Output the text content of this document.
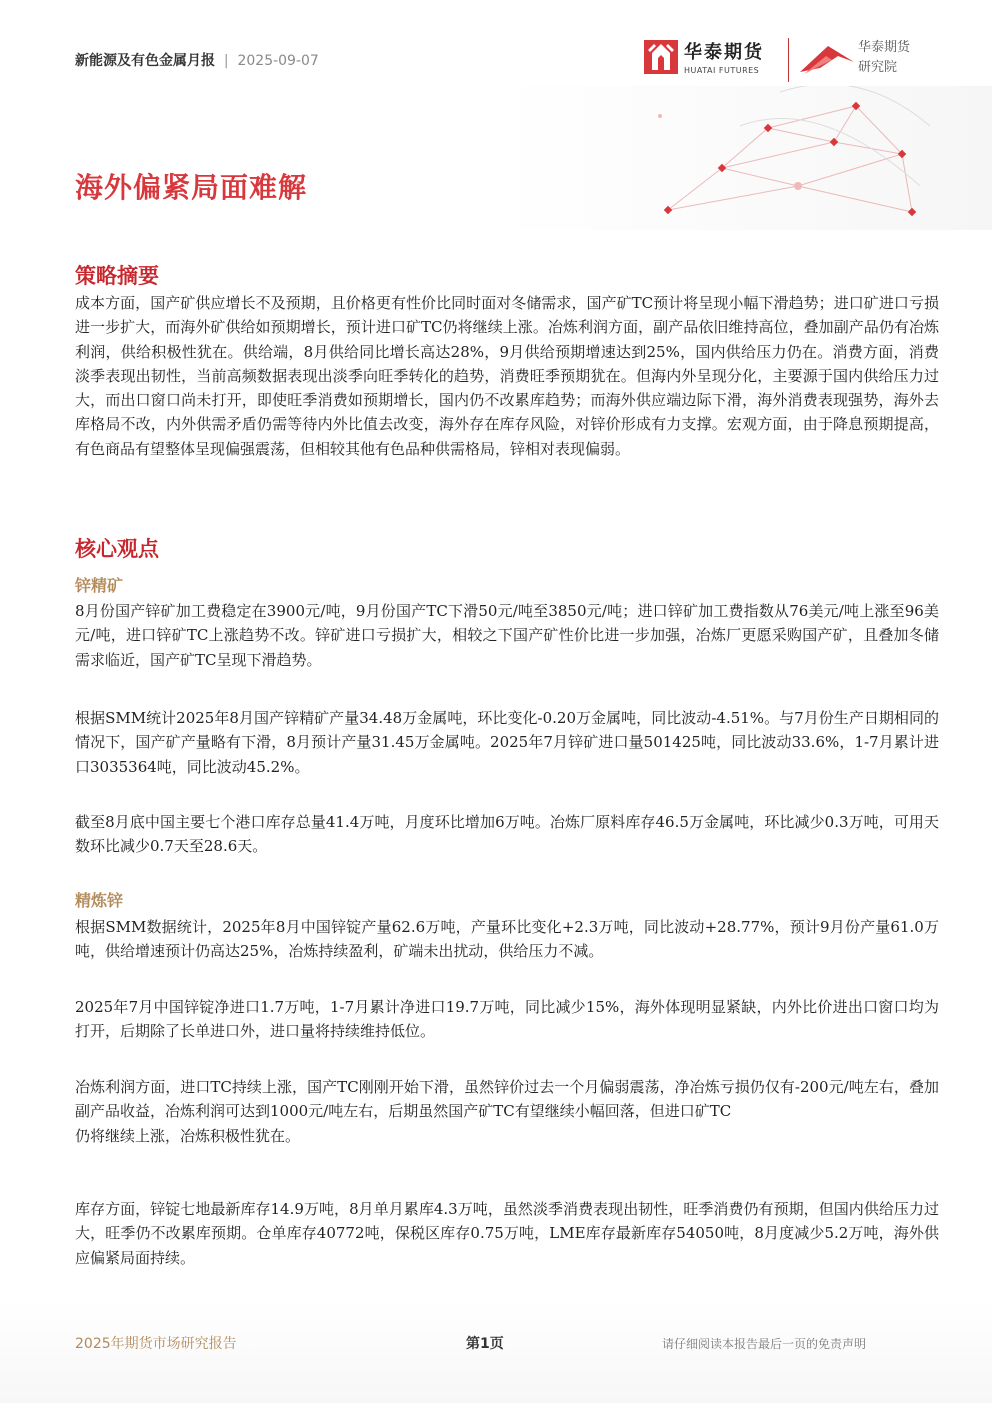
新能源及有色金属月报 | 2025-09-07	华泰期货
HUATAI FUTURES
华泰期货
研究院
海外偏紧局面难解
策略摘要

成本方面，国产矿供应增长不及预期，且价格更有性价比同时面对冬储需求，国产矿TC预计将呈现小幅下滑趋势；进口矿进口亏损进一步扩大，而海外矿供给如预期增长，预计进口矿TC仍将继续上涨。冶炼利润方面，副产品依旧维持高位，叠加副产品仍有冶炼利润，供给积极性犹在。供给端，8月供给同比增长高达28%，9月供给预期增速达到25%，国内供给压力仍在。消费方面，消费淡季表现出韧性，当前高频数据表现出淡季向旺季转化的趋势，消费旺季预期犹在。但海内外呈现分化，主要源于国内供给压力过大，而出口窗口尚未打开，即使旺季消费如预期增长，国内仍不改累库趋势；而海外供应端边际下滑，海外消费表现强势，海外去库格局不改，内外供需矛盾仍需等待内外比值去改变，海外存在库存风险，对锌价形成有力支撑。宏观方面，由于降息预期提高，有色商品有望整体呈现偏强震荡，但相较其他有色品种供需格局，锌相对表现偏弱。

核心观点
锌精矿

8月份国产锌矿加工费稳定在3900元/吨，9月份国产TC下滑50元/吨至3850元/吨；进口锌矿加工费指数从76美元/吨上涨至96美元/吨，进口锌矿TC上涨趋势不改。锌矿进口亏损扩大，相较之下国产矿性价比进一步加强，冶炼厂更愿采购国产矿，且叠加冬储需求临近，国产矿TC呈现下滑趋势。

根据SMM统计2025年8月国产锌精矿产量34.48万金属吨，环比变化-0.20万金属吨，同比波动-4.51%。与7月份生产日期相同的情况下，国产矿产量略有下滑，8月预计产量31.45万金属吨。2025年7月锌矿进口量501425吨，同比波动33.6%，1-7月累计进口3035364吨，同比波动45.2%。

截至8月底中国主要七个港口库存总量41.4万吨，月度环比增加6万吨。冶炼厂原料库存46.5万金属吨，环比减少0.3万吨，可用天数环比减少0.7天至28.6天。

精炼锌

根据SMM数据统计，2025年8月中国锌锭产量62.6万吨，产量环比变化+2.3万吨，同比波动+28.77%，预计9月份产量61.0万吨，供给增速预计仍高达25%，冶炼持续盈利，矿端未出扰动，供给压力不减。

2025年7月中国锌锭净进口1.7万吨，1-7月累计净进口19.7万吨，同比减少15%，海外体现明显紧缺，内外比价进出口窗口均为打开，后期除了长单进口外，进口量将持续维持低位。

冶炼利润方面，进口TC持续上涨，国产TC刚刚开始下滑，虽然锌价过去一个月偏弱震荡，净冶炼亏损仍仅有-200元/吨左右，叠加副产品收益，冶炼利润可达到1000元/吨左右，后期虽然国产矿TC有望继续小幅回落，但进口矿TC
仍将继续上涨，冶炼积极性犹在。

库存方面，锌锭七地最新库存14.9万吨，8月单月累库4.3万吨，虽然淡季消费表现出韧性，旺季消费仍有预期，但国内供给压力过大，旺季仍不改累库预期。仓单库存40772吨，保税区库存0.75万吨，LME库存最新库存54050吨，8月度减少5.2万吨，海外供应偏紧局面持续。

2025年期货市场研究报告	第1页	请仔细阅读本报告最后一页的免责声明
